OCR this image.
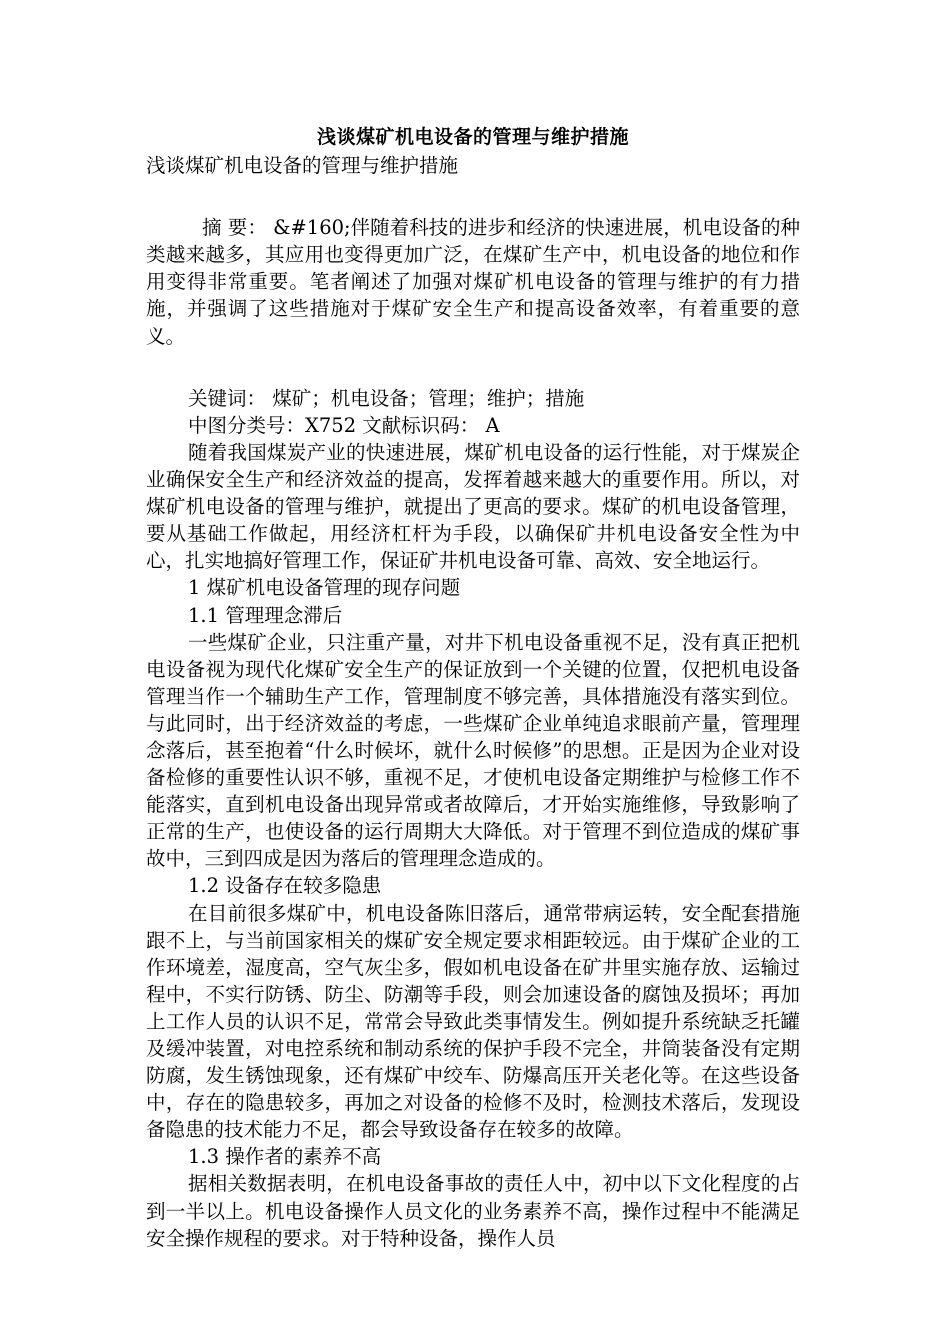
浅谈煤矿机电设备的管理与维护措施

浅谈煤矿机电设备的管理与维护措施

摘 要： &#160;伴随着科技的进步和经济的快速进展，机电设备的种类越来越多，其应用也变得更加广泛，在煤矿生产中，机电设备的地位和作用变得非常重要。笔者阐述了加强对煤矿机电设备的管理与维护的有力措施，并强调了这些措施对于煤矿安全生产和提高设备效率，有着重要的意义。

关键词： 煤矿；机电设备；管理；维护；措施

中图分类号：X752 文献标识码： A

随着我国煤炭产业的快速进展，煤矿机电设备的运行性能，对于煤炭企业确保安全生产和经济效益的提高，发挥着越来越大的重要作用。所以，对煤矿机电设备的管理与维护，就提出了更高的要求。煤矿的机电设备管理，要从基础工作做起，用经济杠杆为手段，以确保矿井机电设备安全性为中心，扎实地搞好管理工作，保证矿井机电设备可靠、高效、安全地运行。

1 煤矿机电设备管理的现存问题

1.1 管理理念滞后

一些煤矿企业，只注重产量，对井下机电设备重视不足，没有真正把机电设备视为现代化煤矿安全生产的保证放到一个关键的位置，仅把机电设备管理当作一个辅助生产工作，管理制度不够完善，具体措施没有落实到位。与此同时，出于经济效益的考虑，一些煤矿企业单纯追求眼前产量，管理理念落后，甚至抱着“什么时候坏，就什么时候修”的思想。正是因为企业对设备检修的重要性认识不够，重视不足，才使机电设备定期维护与检修工作不能落实，直到机电设备出现异常或者故障后，才开始实施维修，导致影响了正常的生产，也使设备的运行周期大大降低。对于管理不到位造成的煤矿事故中，三到四成是因为落后的管理理念造成的。

1.2 设备存在较多隐患

在目前很多煤矿中，机电设备陈旧落后，通常带病运转，安全配套措施跟不上，与当前国家相关的煤矿安全规定要求相距较远。由于煤矿企业的工作环境差，湿度高，空气灰尘多，假如机电设备在矿井里实施存放、运输过程中，不实行防锈、防尘、防潮等手段，则会加速设备的腐蚀及损坏；再加上工作人员的认识不足，常常会导致此类事情发生。例如提升系统缺乏托罐及缓冲装置，对电控系统和制动系统的保护手段不完全，井筒装备没有定期防腐，发生锈蚀现象，还有煤矿中绞车、防爆高压开关老化等。在这些设备中，存在的隐患较多，再加之对设备的检修不及时，检测技术落后，发现设备隐患的技术能力不足，都会导致设备存在较多的故障。

1.3 操作者的素养不高

据相关数据表明，在机电设备事故的责任人中，初中以下文化程度的占到一半以上。机电设备操作人员文化的业务素养不高，操作过程中不能满足安全操作规程的要求。对于特种设备，操作人员
